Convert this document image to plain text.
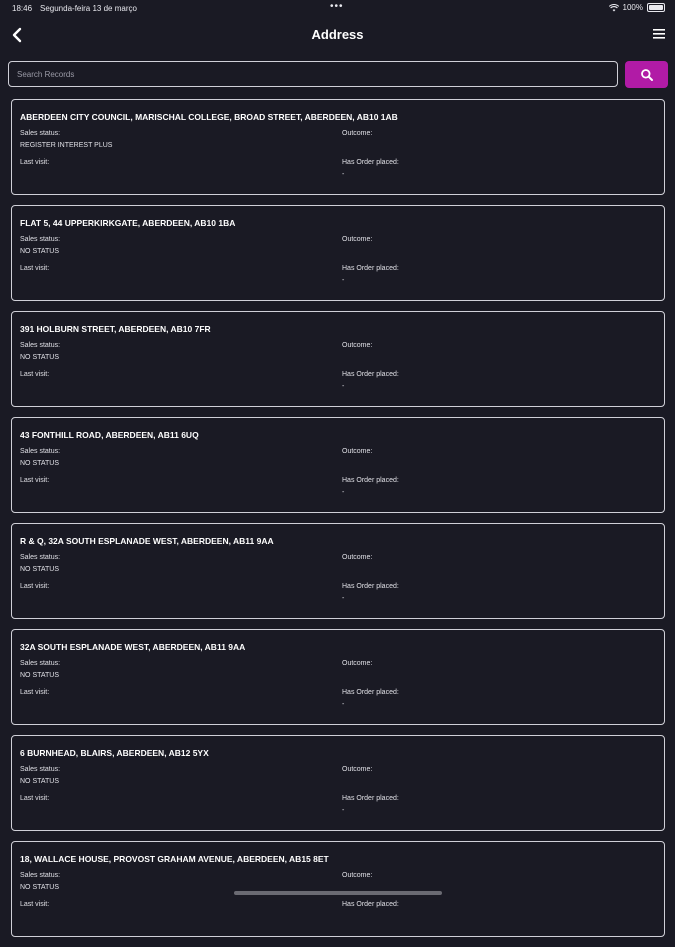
18:46 Segunda-feira 13 de março	•••	100%
Address
Search Records
ABERDEEN CITY COUNCIL, MARISCHAL COLLEGE, BROAD STREET, ABERDEEN, AB10 1AB
Sales status:
REGISTER INTEREST PLUS
Outcome:
Last visit:	Has Order placed:
-
FLAT 5, 44 UPPERKIRKGATE, ABERDEEN, AB10 1BA
Sales status:
NO STATUS
Outcome:
Last visit:	Has Order placed:
-
391 HOLBURN STREET, ABERDEEN, AB10 7FR
Sales status:
NO STATUS
Outcome:
Last visit:	Has Order placed:
-
43 FONTHILL ROAD, ABERDEEN, AB11 6UQ
Sales status:
NO STATUS
Outcome:
Last visit:	Has Order placed:
-
R & Q, 32A SOUTH ESPLANADE WEST, ABERDEEN, AB11 9AA
Sales status:
NO STATUS
Outcome:
Last visit:	Has Order placed:
-
32A SOUTH ESPLANADE WEST, ABERDEEN, AB11 9AA
Sales status:
NO STATUS
Outcome:
Last visit:	Has Order placed:
-
6 BURNHEAD, BLAIRS, ABERDEEN, AB12 5YX
Sales status:
NO STATUS
Outcome:
Last visit:	Has Order placed:
-
18, WALLACE HOUSE, PROVOST GRAHAM AVENUE, ABERDEEN, AB15 8ET
Sales status:
NO STATUS
Outcome:
Last visit:	Has Order placed:
